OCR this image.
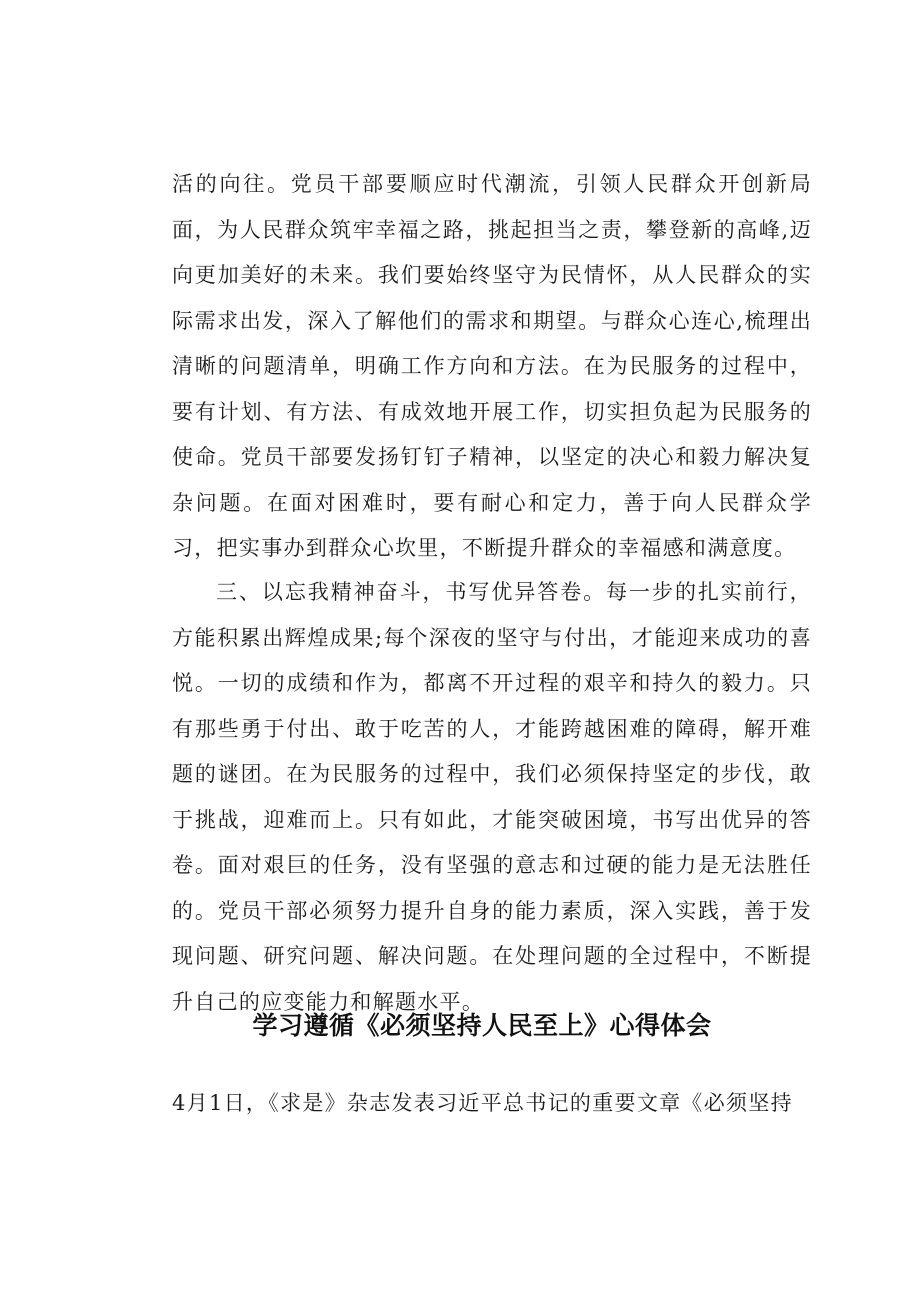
活的向往。党员干部要顺应时代潮流，引领人民群众开创新局面，为人民群众筑牢幸福之路，挑起担当之责，攀登新的高峰,迈向更加美好的未来。我们要始终坚守为民情怀，从人民群众的实际需求出发，深入了解他们的需求和期望。与群众心连心,梳理出清晰的问题清单，明确工作方向和方法。在为民服务的过程中，要有计划、有方法、有成效地开展工作，切实担负起为民服务的使命。党员干部要发扬钉钉子精神，以坚定的决心和毅力解决复杂问题。在面对困难时，要有耐心和定力，善于向人民群众学习，把实事办到群众心坎里，不断提升群众的幸福感和满意度。

三、以忘我精神奋斗，书写优异答卷。每一步的扎实前行，方能积累出辉煌成果;每个深夜的坚守与付出，才能迎来成功的喜悦。一切的成绩和作为，都离不开过程的艰辛和持久的毅力。只有那些勇于付出、敢于吃苦的人，才能跨越困难的障碍，解开难题的谜团。在为民服务的过程中，我们必须保持坚定的步伐，敢于挑战，迎难而上。只有如此，才能突破困境，书写出优异的答卷。面对艰巨的任务，没有坚强的意志和过硬的能力是无法胜任的。党员干部必须努力提升自身的能力素质，深入实践，善于发现问题、研究问题、解决问题。在处理问题的全过程中，不断提升自己的应变能力和解题水平。

学习遵循《必须坚持人民至上》心得体会

4月1日，《求是》杂志发表习近平总书记的重要文章《必须坚持
